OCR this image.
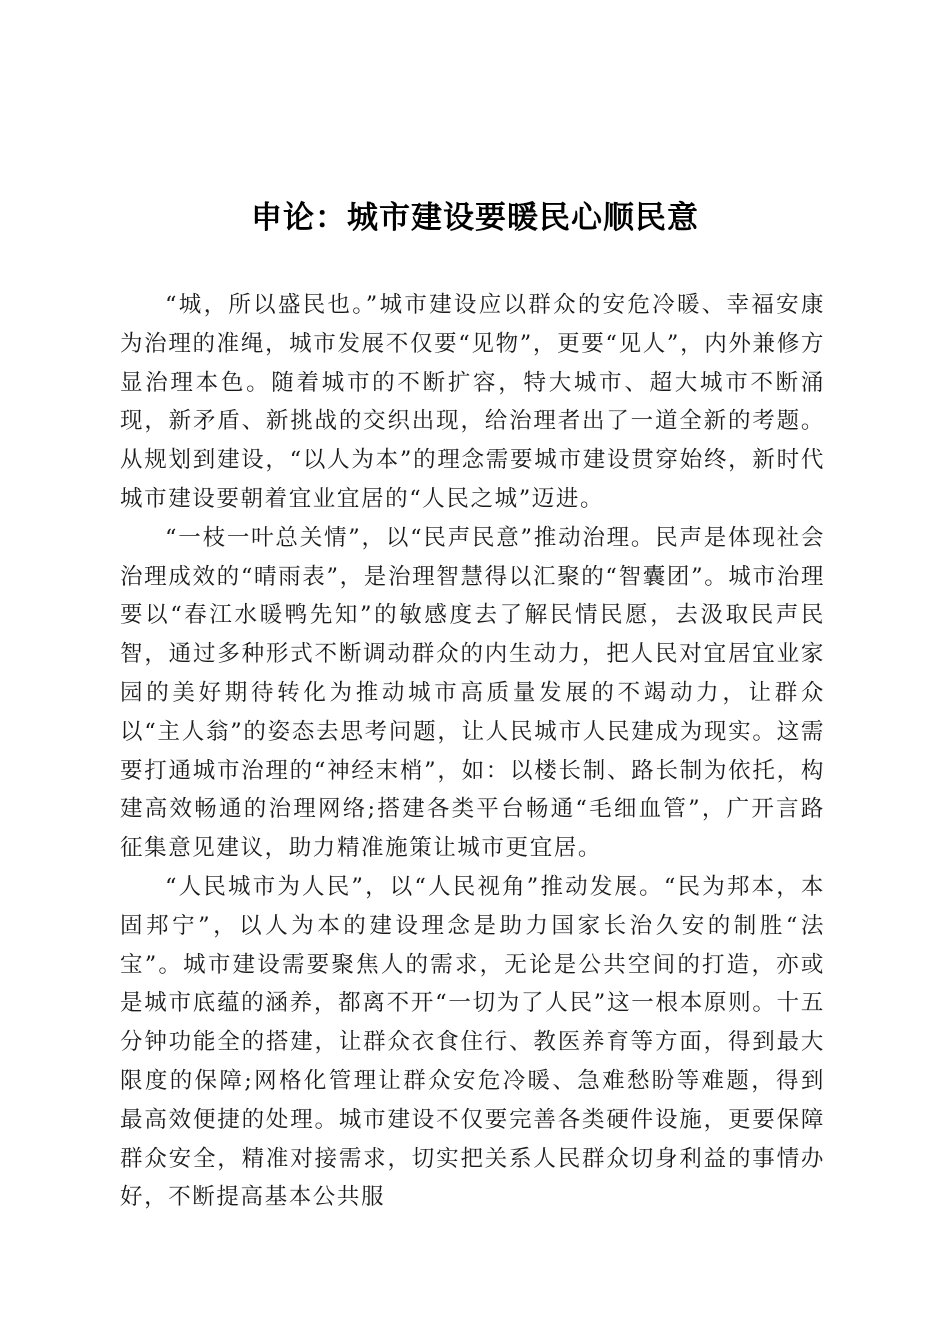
申论：城市建设要暖民心顺民意

“城，所以盛民也。”城市建设应以群众的安危冷暖、幸福安康为治理的准绳，城市发展不仅要“见物”，更要“见人”，内外兼修方显治理本色。随着城市的不断扩容，特大城市、超大城市不断涌现，新矛盾、新挑战的交织出现，给治理者出了一道全新的考题。从规划到建设，“以人为本”的理念需要城市建设贯穿始终，新时代城市建设要朝着宜业宜居的“人民之城”迈进。

“一枝一叶总关情”，以“民声民意”推动治理。民声是体现社会治理成效的“晴雨表”，是治理智慧得以汇聚的“智囊团”。城市治理要以“春江水暖鸭先知”的敏感度去了解民情民愿，去汲取民声民智，通过多种形式不断调动群众的内生动力，把人民对宜居宜业家园的美好期待转化为推动城市高质量发展的不竭动力，让群众以“主人翁”的姿态去思考问题，让人民城市人民建成为现实。这需要打通城市治理的“神经末梢”，如：以楼长制、路长制为依托，构建高效畅通的治理网络;搭建各类平台畅通“毛细血管”，广开言路征集意见建议，助力精准施策让城市更宜居。

“人民城市为人民”，以“人民视角”推动发展。“民为邦本，本固邦宁”，以人为本的建设理念是助力国家长治久安的制胜“法宝”。城市建设需要聚焦人的需求，无论是公共空间的打造，亦或是城市底蕴的涵养，都离不开“一切为了人民”这一根本原则。十五分钟功能全的搭建，让群众衣食住行、教医养育等方面，得到最大限度的保障;网格化管理让群众安危冷暖、急难愁盼等难题，得到最高效便捷的处理。城市建设不仅要完善各类硬件设施，更要保障群众安全，精准对接需求，切实把关系人民群众切身利益的事情办好，不断提高基本公共服
